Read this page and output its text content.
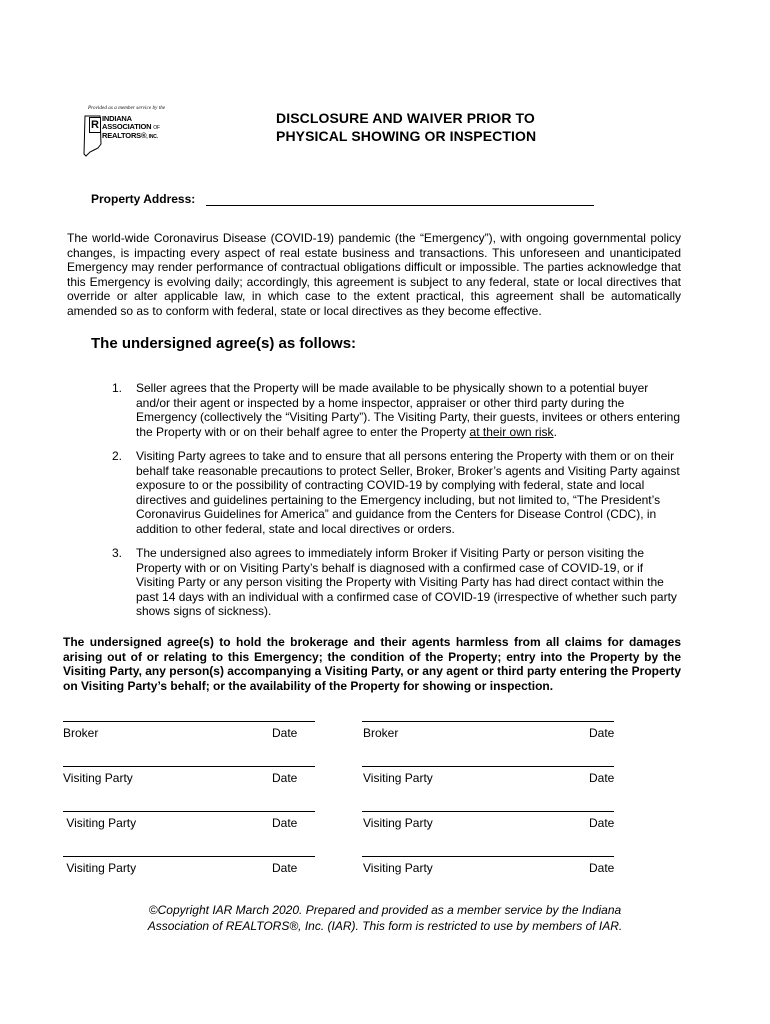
Provided as a member service by the
R
INDIANA
ASSOCIATION OF
REALTORS®, INC.
DISCLOSURE AND WAIVER PRIOR TO
PHYSICAL SHOWING OR INSPECTION
Property Address:
The world-wide Coronavirus Disease (COVID-19) pandemic (the “Emergency”), with ongoing governmental policy changes, is impacting every aspect of real estate business and transactions. This unforeseen and unanticipated Emergency may render performance of contractual obligations difficult or impossible. The parties acknowledge that this Emergency is evolving daily; accordingly, this agreement is subject to any federal, state or local directives that override or alter applicable law, in which case to the extent practical, this agreement shall be automatically amended so as to conform with federal, state or local directives as they become effective.
The undersigned agree(s) as follows:
1. Seller agrees that the Property will be made available to be physically shown to a potential buyer and/or their agent or inspected by a home inspector, appraiser or other third party during the Emergency (collectively the “Visiting Party”). The Visiting Party, their guests, invitees or others entering the Property with or on their behalf agree to enter the Property at their own risk.
2. Visiting Party agrees to take and to ensure that all persons entering the Property with them or on their behalf take reasonable precautions to protect Seller, Broker, Broker’s agents and Visiting Party against exposure to or the possibility of contracting COVID-19 by complying with federal, state and local directives and guidelines pertaining to the Emergency including, but not limited to, “The President’s Coronavirus Guidelines for America” and guidance from the Centers for Disease Control (CDC), in addition to other federal, state and local directives or orders.
3. The undersigned also agrees to immediately inform Broker if Visiting Party or person visiting the Property with or on Visiting Party’s behalf is diagnosed with a confirmed case of COVID-19, or if Visiting Party or any person visiting the Property with Visiting Party has had direct contact within the past 14 days with an individual with a confirmed case of COVID-19 (irrespective of whether such party shows signs of sickness).
The undersigned agree(s) to hold the brokerage and their agents harmless from all claims for damages arising out of or relating to this Emergency; the condition of the Property; entry into the Property by the Visiting Party, any person(s) accompanying a Visiting Party, or any agent or third party entering the Property on Visiting Party’s behalf; or the availability of the Property for showing or inspection.
Broker	Date	Broker	Date
Visiting Party	Date	Visiting Party	Date
Visiting Party	Date	Visiting Party	Date
Visiting Party	Date	Visiting Party	Date
©Copyright IAR March 2020. Prepared and provided as a member service by the Indiana
Association of REALTORS®, Inc. (IAR). This form is restricted to use by members of IAR.
